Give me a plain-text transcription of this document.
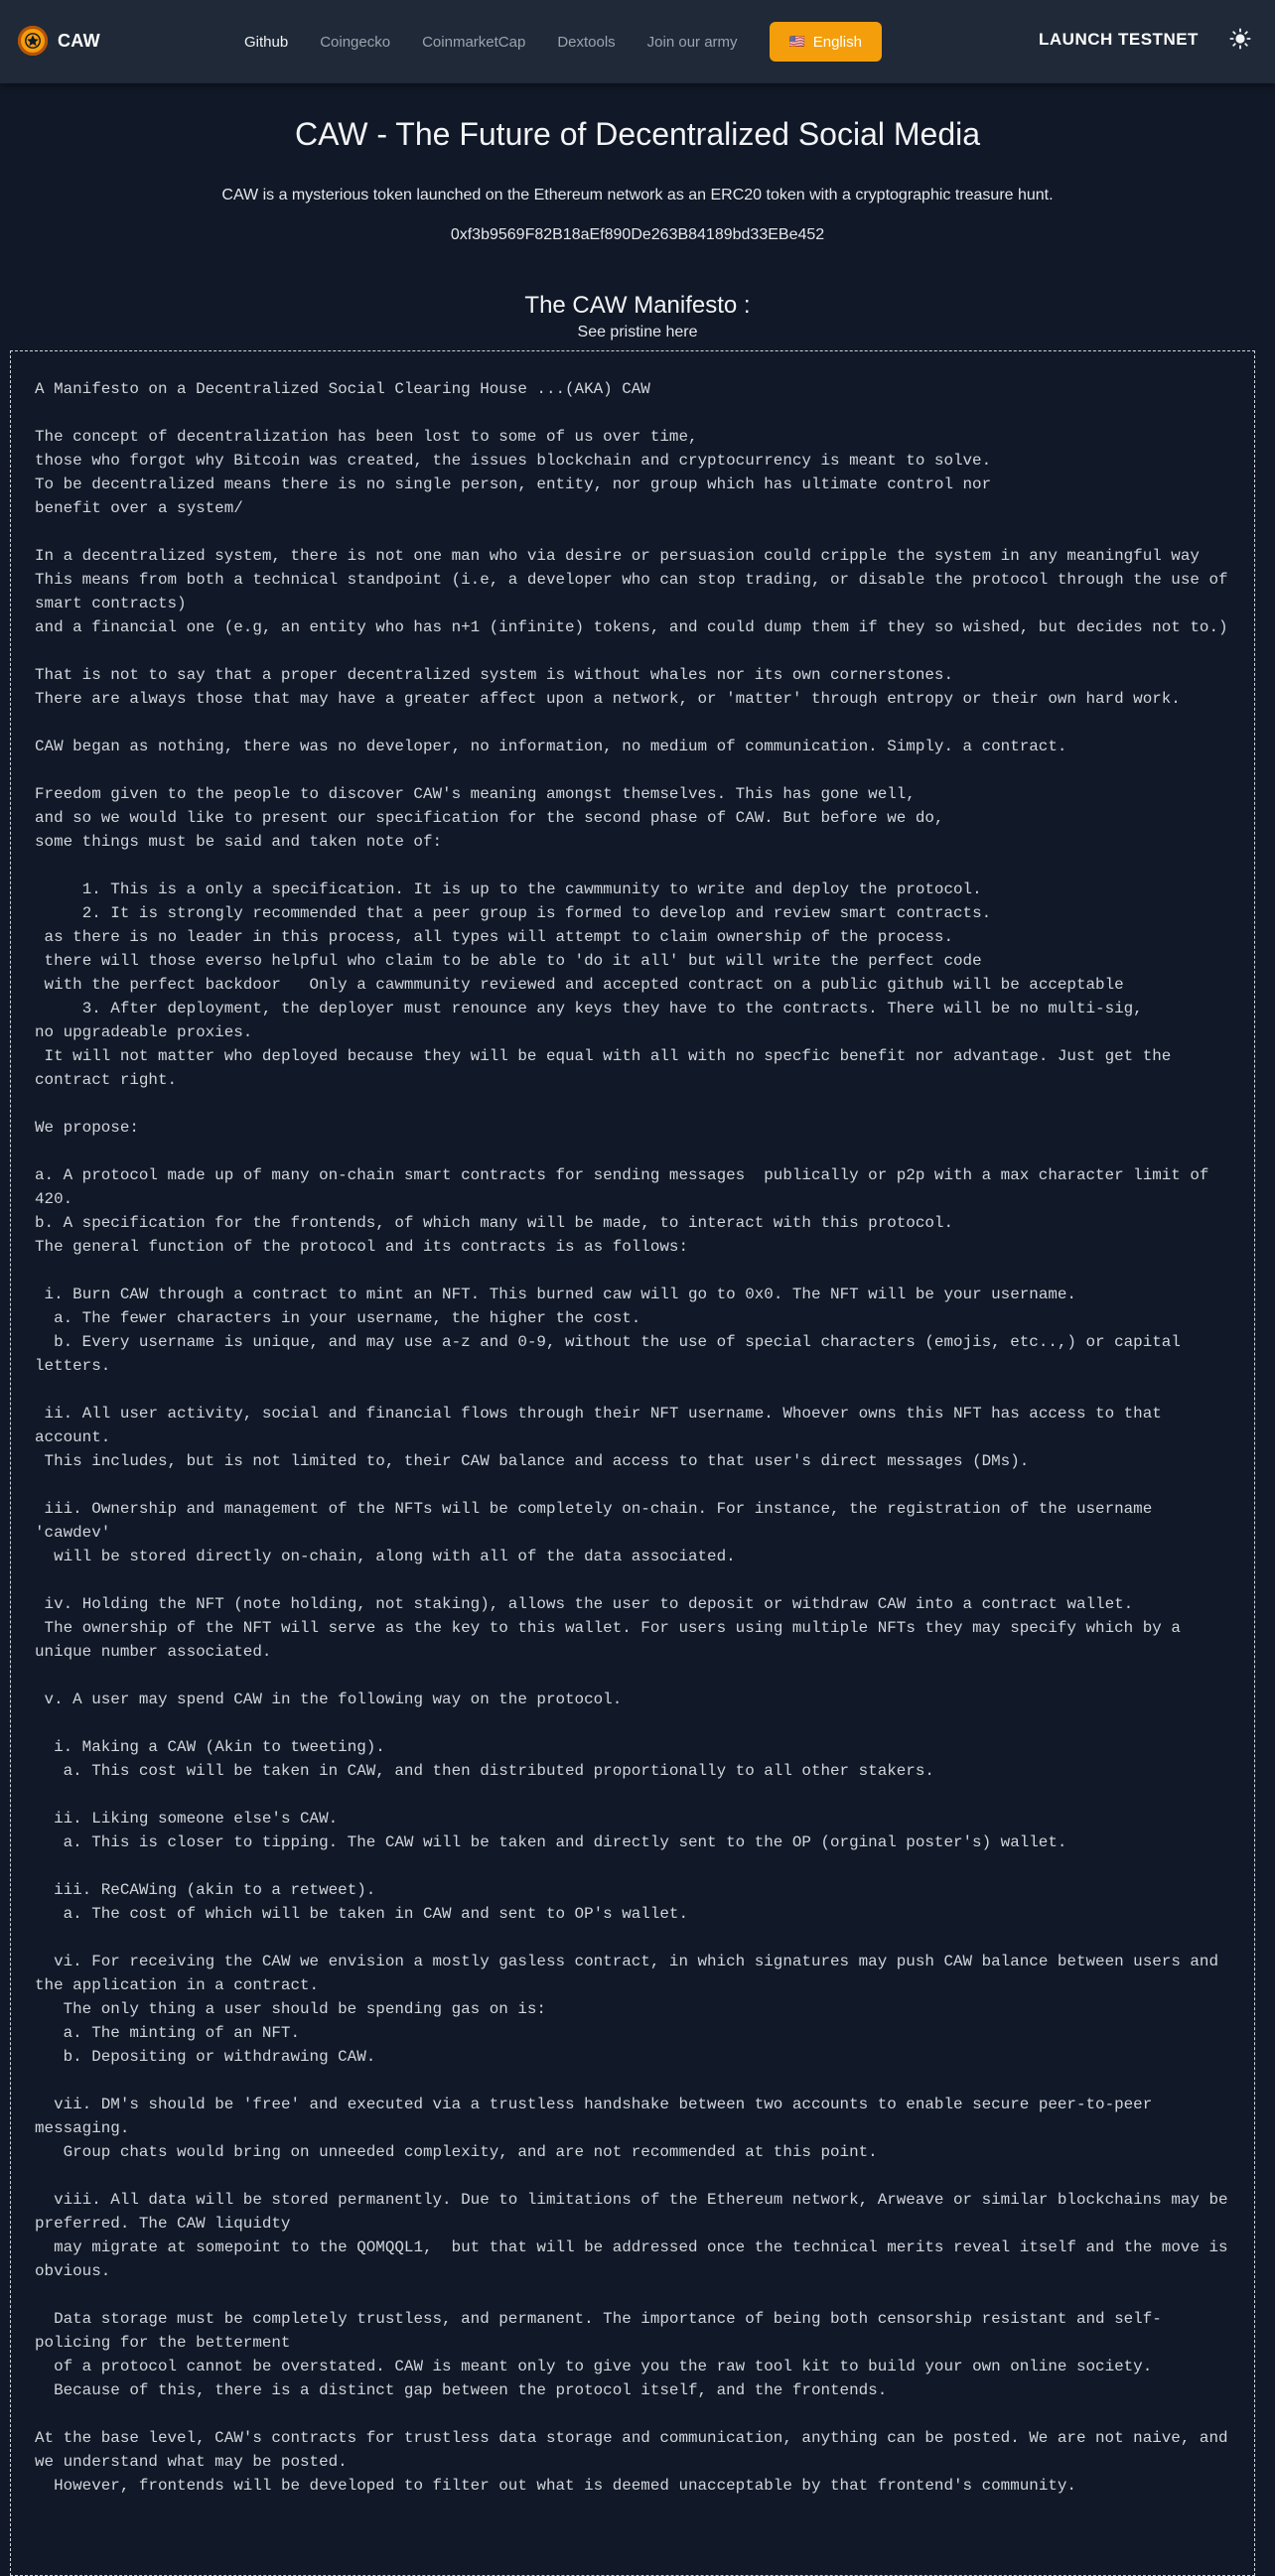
CAW	Github Coingecko CoinmarketCap Dextools Join our army	🇺🇸 English	LAUNCH TESTNET
CAW - The Future of Decentralized Social Media

CAW is a mysterious token launched on the Ethereum network as an ERC20 token with a cryptographic treasure hunt.

0xf3b9569F82B18aEf890De263B84189bd33EBe452

The CAW Manifesto :

See pristine here

A Manifesto on a Decentralized Social Clearing House ...(AKA) CAW

The concept of decentralization has been lost to some of us over time,
those who forgot why Bitcoin was created, the issues blockchain and cryptocurrency is meant to solve.
To be decentralized means there is no single person, entity, nor group which has ultimate control nor
benefit over a system/

In a decentralized system, there is not one man who via desire or persuasion could cripple the system in any meaningful way
This means from both a technical standpoint (i.e, a developer who can stop trading, or disable the protocol through the use of smart contracts)
and a financial one (e.g, an entity who has n+1 (infinite) tokens, and could dump them if they so wished, but decides not to.)

That is not to say that a proper decentralized system is without whales nor its own cornerstones.
There are always those that may have a greater affect upon a network, or 'matter' through entropy or their own hard work.

CAW began as nothing, there was no developer, no information, no medium of communication. Simply. a contract.

Freedom given to the people to discover CAW's meaning amongst themselves. This has gone well,
and so we would like to present our specification for the second phase of CAW. But before we do,
some things must be said and taken note of:

1. This is a only a specification. It is up to the cawmmunity to write and deploy the protocol.
2. It is strongly recommended that a peer group is formed to develop and review smart contracts.
as there is no leader in this process, all types will attempt to claim ownership of the process.
there will those everso helpful who claim to be able to 'do it all' but will write the perfect code
with the perfect backdoor   Only a cawmmunity reviewed and accepted contract on a public github will be acceptable
3. After deployment, the deployer must renounce any keys they have to the contracts. There will be no multi-sig,
no upgradeable proxies.
It will not matter who deployed because they will be equal with all with no specfic benefit nor advantage. Just get the contract right.

We propose:

a. A protocol made up of many on-chain smart contracts for sending messages  publically or p2p with a max character limit of 420.
b. A specification for the frontends, of which many will be made, to interact with this protocol.
The general function of the protocol and its contracts is as follows:

i. Burn CAW through a contract to mint an NFT. This burned caw will go to 0x0. The NFT will be your username.
a. The fewer characters in your username, the higher the cost.
b. Every username is unique, and may use a-z and 0-9, without the use of special characters (emojis, etc..,) or capital letters.

ii. All user activity, social and financial flows through their NFT username. Whoever owns this NFT has access to that account.
This includes, but is not limited to, their CAW balance and access to that user's direct messages (DMs).

iii. Ownership and management of the NFTs will be completely on-chain. For instance, the registration of the username 'cawdev'
will be stored directly on-chain, along with all of the data associated.

iv. Holding the NFT (note holding, not staking), allows the user to deposit or withdraw CAW into a contract wallet.
The ownership of the NFT will serve as the key to this wallet. For users using multiple NFTs they may specify which by a unique number associated.

v. A user may spend CAW in the following way on the protocol.

i. Making a CAW (Akin to tweeting).
a. This cost will be taken in CAW, and then distributed proportionally to all other stakers.

ii. Liking someone else's CAW.
a. This is closer to tipping. The CAW will be taken and directly sent to the OP (orginal poster's) wallet.

iii. ReCAWing (akin to a retweet).
a. The cost of which will be taken in CAW and sent to OP's wallet.

vi. For receiving the CAW we envision a mostly gasless contract, in which signatures may push CAW balance between users and the application in a contract.
The only thing a user should be spending gas on is:
a. The minting of an NFT.
b. Depositing or withdrawing CAW.

vii. DM's should be 'free' and executed via a trustless handshake between two accounts to enable secure peer-to-peer messaging.
Group chats would bring on unneeded complexity, and are not recommended at this point.

viii. All data will be stored permanently. Due to limitations of the Ethereum network, Arweave or similar blockchains may be preferred. The CAW liquidty
may migrate at somepoint to the QOMQQL1,  but that will be addressed once the technical merits reveal itself and the move is obvious.

Data storage must be completely trustless, and permanent. The importance of being both censorship resistant and self-policing for the betterment
of a protocol cannot be overstated. CAW is meant only to give you the raw tool kit to build your own online society.
Because of this, there is a distinct gap between the protocol itself, and the frontends.

At the base level, CAW's contracts for trustless data storage and communication, anything can be posted. We are not naive, and we understand what may be posted.
However, frontends will be developed to filter out what is deemed unacceptable by that frontend's community.
